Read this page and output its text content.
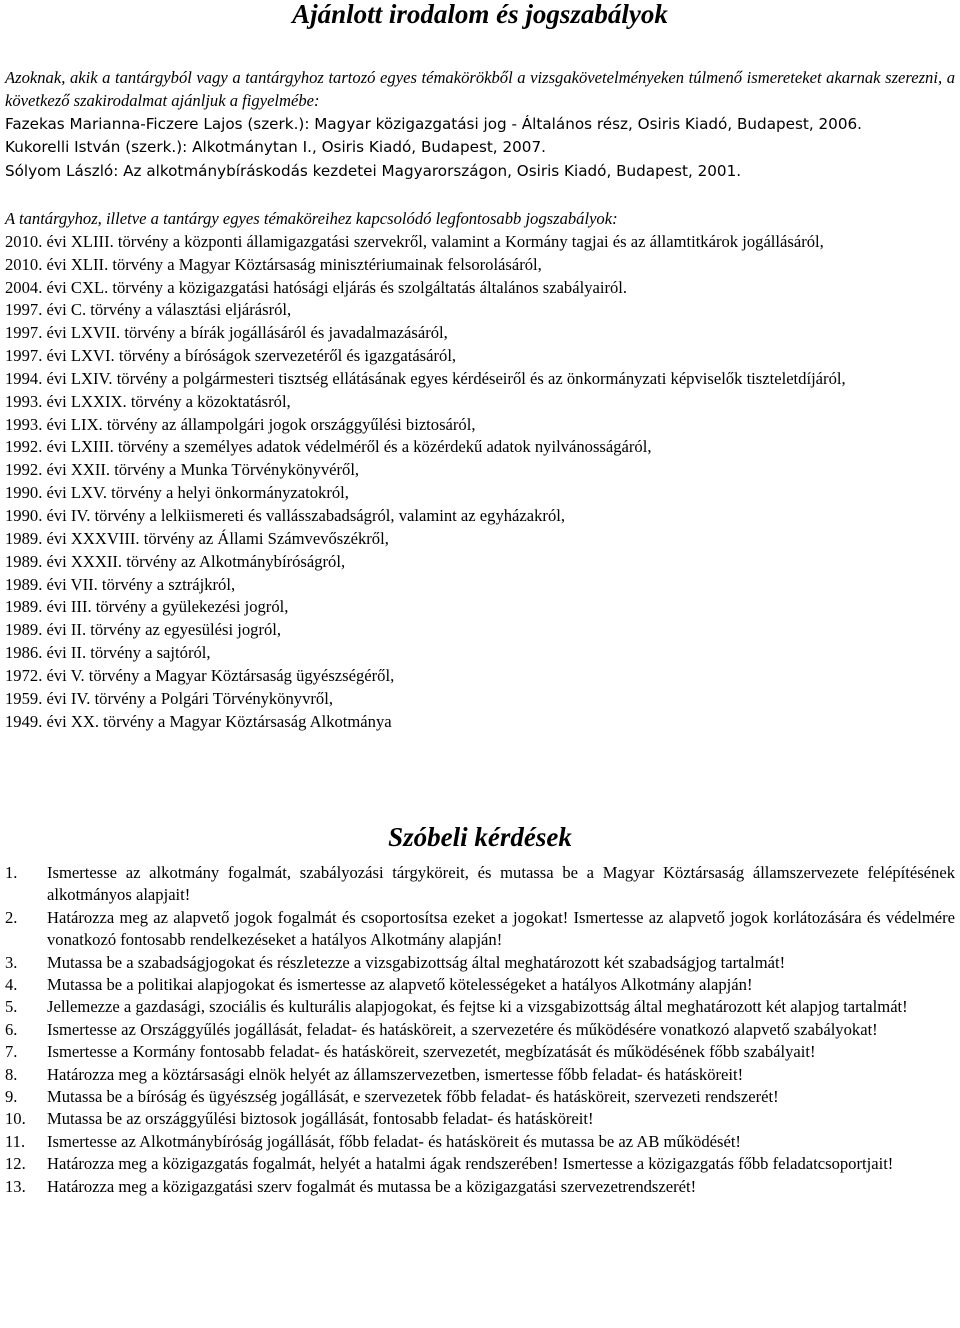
Ajánlott irodalom és jogszabályok
Azoknak, akik a tantárgyból vagy a tantárgyhoz tartozó egyes témakörökből a vizsgakövetelményeken túlmenő ismereteket akarnak szerezni, a következő szakirodalmat ajánljuk a figyelmébe:
Fazekas Marianna-Ficzere Lajos (szerk.): Magyar közigazgatási jog - Általános rész, Osiris Kiadó, Budapest, 2006.
Kukorelli István (szerk.): Alkotmánytan I., Osiris Kiadó, Budapest, 2007.
Sólyom László: Az alkotmánybíráskodás kezdetei Magyarországon, Osiris Kiadó, Budapest, 2001.
A tantárgyhoz, illetve a tantárgy egyes témaköreihez kapcsolódó legfontosabb jogszabályok:
2010. évi XLIII. törvény a központi államigazgatási szervekről, valamint a Kormány tagjai és az államtitkárok jogállásáról,
2010. évi XLII. törvény a Magyar Köztársaság minisztériumainak felsorolásáról,
2004. évi CXL. törvény a közigazgatási hatósági eljárás és szolgáltatás általános szabályairól.
1997. évi C. törvény a választási eljárásról,
1997. évi LXVII. törvény a bírák jogállásáról és javadalmazásáról,
1997. évi LXVI. törvény a bíróságok szervezetéről és igazgatásáról,
1994. évi LXIV. törvény a polgármesteri tisztség ellátásának egyes kérdéseiről és az önkormányzati képviselők tiszteletdíjáról,
1993. évi LXXIX. törvény a közoktatásról,
1993. évi LIX. törvény az állampolgári jogok országgyűlési biztosáról,
1992. évi LXIII. törvény a személyes adatok védelméről és a közérdekű adatok nyilvánosságáról,
1992. évi XXII. törvény a Munka Törvénykönyvéről,
1990. évi LXV. törvény a helyi önkormányzatokról,
1990. évi IV. törvény a lelkiismereti és vallásszabadságról, valamint az egyházakról,
1989. évi XXXVIII. törvény az Állami Számvevőszékről,
1989. évi XXXII. törvény az Alkotmánybíróságról,
1989. évi VII. törvény a sztrájkról,
1989. évi III. törvény a gyülekezési jogról,
1989. évi II. törvény az egyesülési jogról,
1986. évi II. törvény a sajtóról,
1972. évi V. törvény a Magyar Köztársaság ügyészségéről,
1959. évi IV. törvény a Polgári Törvénykönyvről,
1949. évi XX. törvény a Magyar Köztársaság Alkotmánya
Szóbeli kérdések
1.	Ismertesse az alkotmány fogalmát, szabályozási tárgyköreit, és mutassa be a Magyar Köztársaság államszervezete felépítésének alkotmányos alapjait!
2.	Határozza meg az alapvető jogok fogalmát és csoportosítsa ezeket a jogokat! Ismertesse az alapvető jogok korlátozására és védelmére vonatkozó fontosabb rendelkezéseket a hatályos Alkotmány alapján!
3.	Mutassa be a szabadságjogokat és részletezze a vizsgabizottság által meghatározott két szabadságjog tartalmát!
4.	Mutassa be a politikai alapjogokat és ismertesse az alapvető kötelességeket a hatályos Alkotmány alapján!
5.	Jellemezze a gazdasági, szociális és kulturális alapjogokat, és fejtse ki a vizsgabizottság által meghatározott két alapjog tartalmát!
6.	Ismertesse az Országgyűlés jogállását, feladat- és hatásköreit, a szervezetére és működésére vonatkozó alapvető szabályokat!
7.	Ismertesse a Kormány fontosabb feladat- és hatásköreit, szervezetét, megbízatását és működésének főbb szabályait!
8.	Határozza meg a köztársasági elnök helyét az államszervezetben, ismertesse főbb feladat- és hatásköreit!
9.	Mutassa be a bíróság és ügyészség jogállását, e szervezetek főbb feladat- és hatásköreit, szervezeti rendszerét!
10.	Mutassa be az országgyűlési biztosok jogállását, fontosabb feladat- és hatásköreit!
11.	Ismertesse az Alkotmánybíróság jogállását, főbb feladat- és hatásköreit és mutassa be az AB működését!
12.	Határozza meg a közigazgatás fogalmát, helyét a hatalmi ágak rendszerében! Ismertesse a közigazgatás főbb feladatcsoportjait!
13.	Határozza meg a közigazgatási szerv fogalmát és mutassa be a közigazgatási szervezetrendszerét!
